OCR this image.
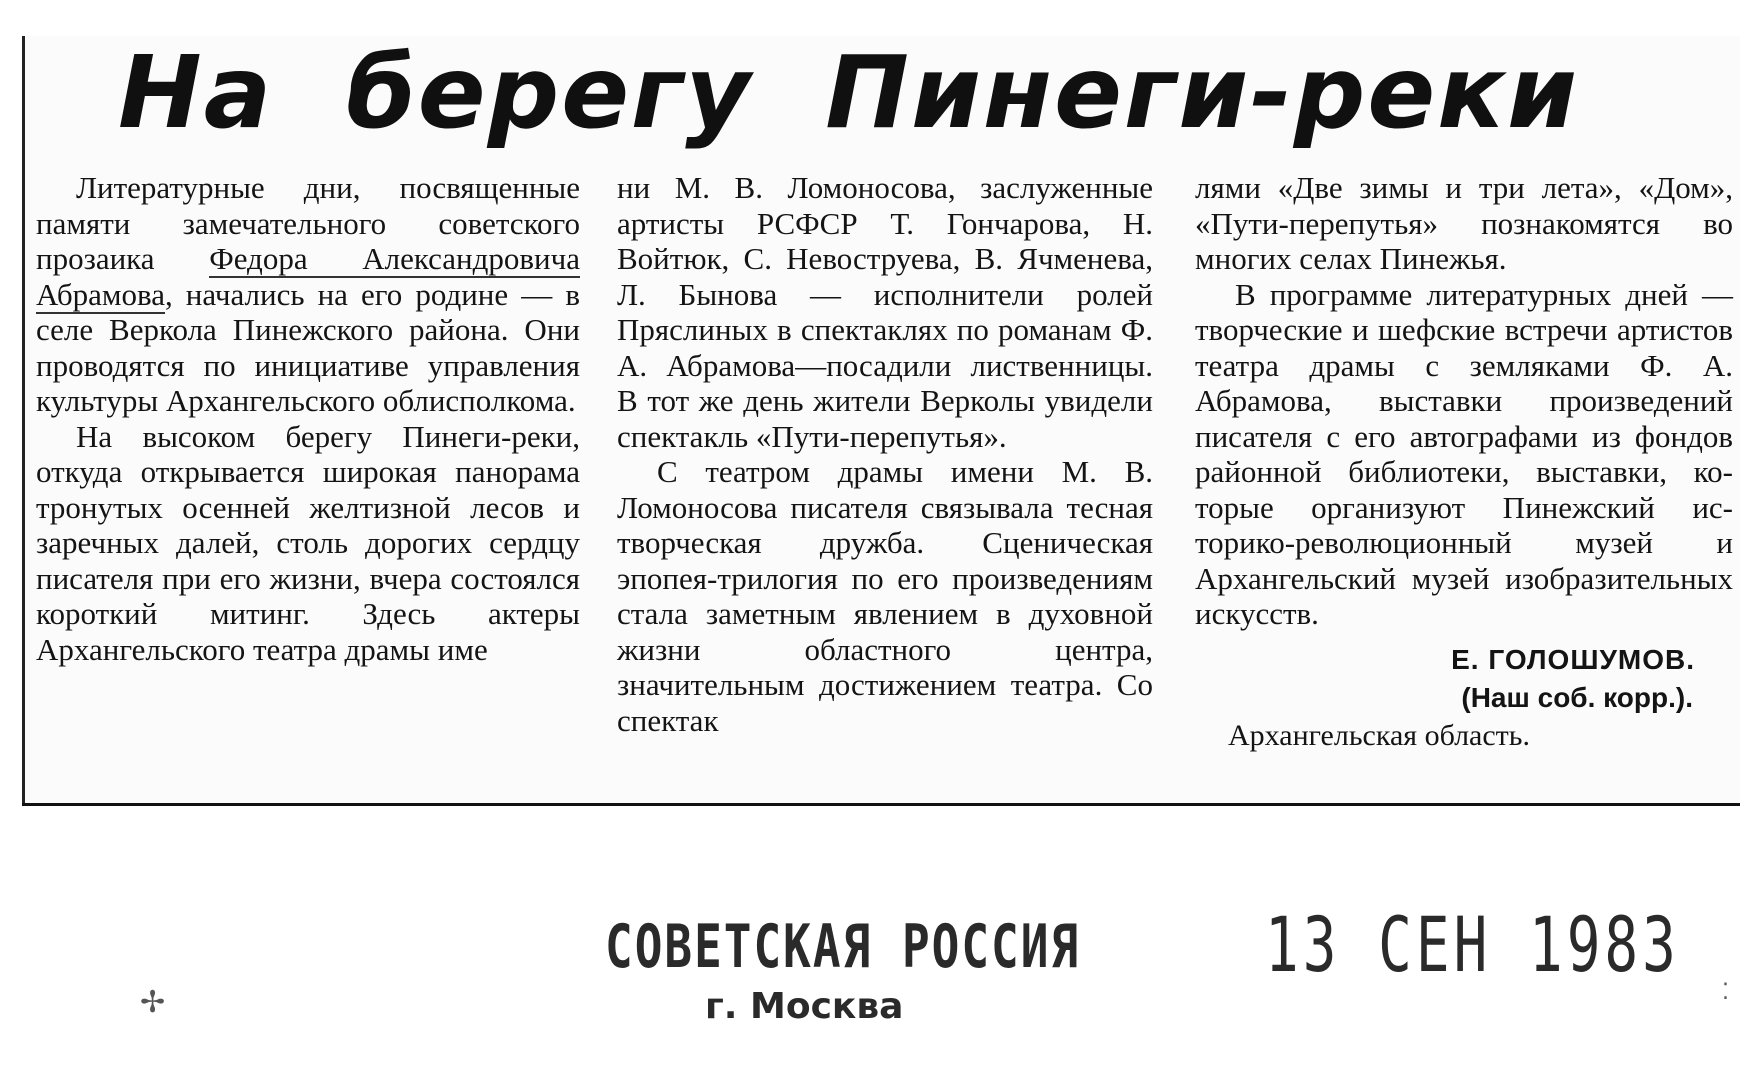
На берегу Пинеги-реки

Литературные дни, посвященные памяти замечательного советского прозаика Федора Александровича Абрамова, начались на его родине — в селе Веркола Пинежского района. Они проводятся по инициативе управления культуры Архангельского облисполкома.

На высоком берегу Пинеги-реки, откуда открывается широкая панорама тронутых осенней желтизной лесов и заречных далей, столь дорогих сердцу писателя при его жизни, вчера состоялся короткий митинг. Здесь актеры Архангельского театра драмы име

ни М. В. Ломоносова, заслуженные артисты РСФСР Т. Гончарова, Н. Войтюк, С. Невоструева, В. Ячменева, Л. Бынова — исполнители ролей Пряслиных в спектаклях по романам Ф. А. Абрамова—посадили лиственницы. В тот же день жители Верколы увидели спектакль «Пути-перепутья».

С театром драмы имени М. В. Ломоносова писателя связывала тесная творческая дружба. Сценическая эпопея-трилогия по его произведениям стала заметным явлением в духовной жизни областного центра, значительным достижением театра. Со спектак

лями «Две зимы и три лета», «Дом», «Пути-перепутья» познакомятся во многих селах Пинежья.

В программе литературных дней — творческие и шефские встречи артистов театра драмы с земляками Ф. А. Абрамова, выставки произведений писателя с его автографами из фондов районной библиотеки, выставки, которые организуют Пинежский историко-революционный музей и Архангельский музей изобразительных искусств.

Е. ГОЛОШУМОВ.
(Наш соб. корр.).
Архангельская область.
СОВЕТСКАЯ РОССИЯ
г. Москва
13 СЕН 1983
✢	⁚
